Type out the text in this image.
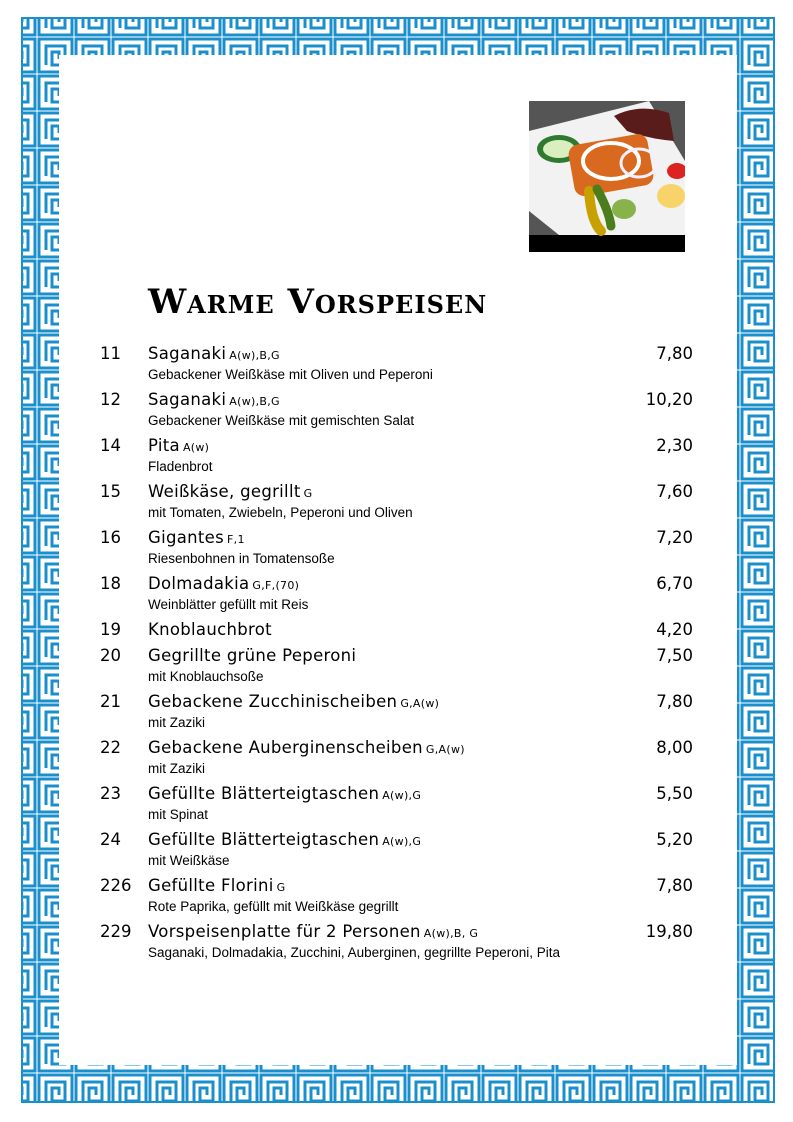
Warme Vorspeisen
11 Saganaki A(w),B,G	7,80
Gebackener Weißkäse mit Oliven und Peperoni
12 Saganaki A(w),B,G	10,20
Gebackener Weißkäse mit gemischten Salat
14 Pita A(w)	2,30
Fladenbrot
15 Weißkäse, gegrillt G	7,60
mit Tomaten, Zwiebeln, Peperoni und Oliven
16 Gigantes F,1	7,20
Riesenbohnen in Tomatensoße
18 Dolmadakia G,F,(70)	6,70
Weinblätter gefüllt mit Reis
19 Knoblauchbrot	4,20
20 Gegrillte grüne Peperoni	7,50
mit Knoblauchsoße
21 Gebackene Zucchinischeiben G,A(w)	7,80
mit Zaziki
22 Gebackene Auberginenscheiben G,A(w)	8,00
mit Zaziki
23 Gefüllte Blätterteigtaschen A(w),G	5,50
mit Spinat
24 Gefüllte Blätterteigtaschen A(w),G	5,20
mit Weißkäse
226 Gefüllte Florini G	7,80
Rote Paprika, gefüllt mit Weißkäse gegrillt
229 Vorspeisenplatte für 2 Personen A(w),B, G	19,80
Saganaki, Dolmadakia, Zucchini, Auberginen, gegrillte Peperoni, Pita
